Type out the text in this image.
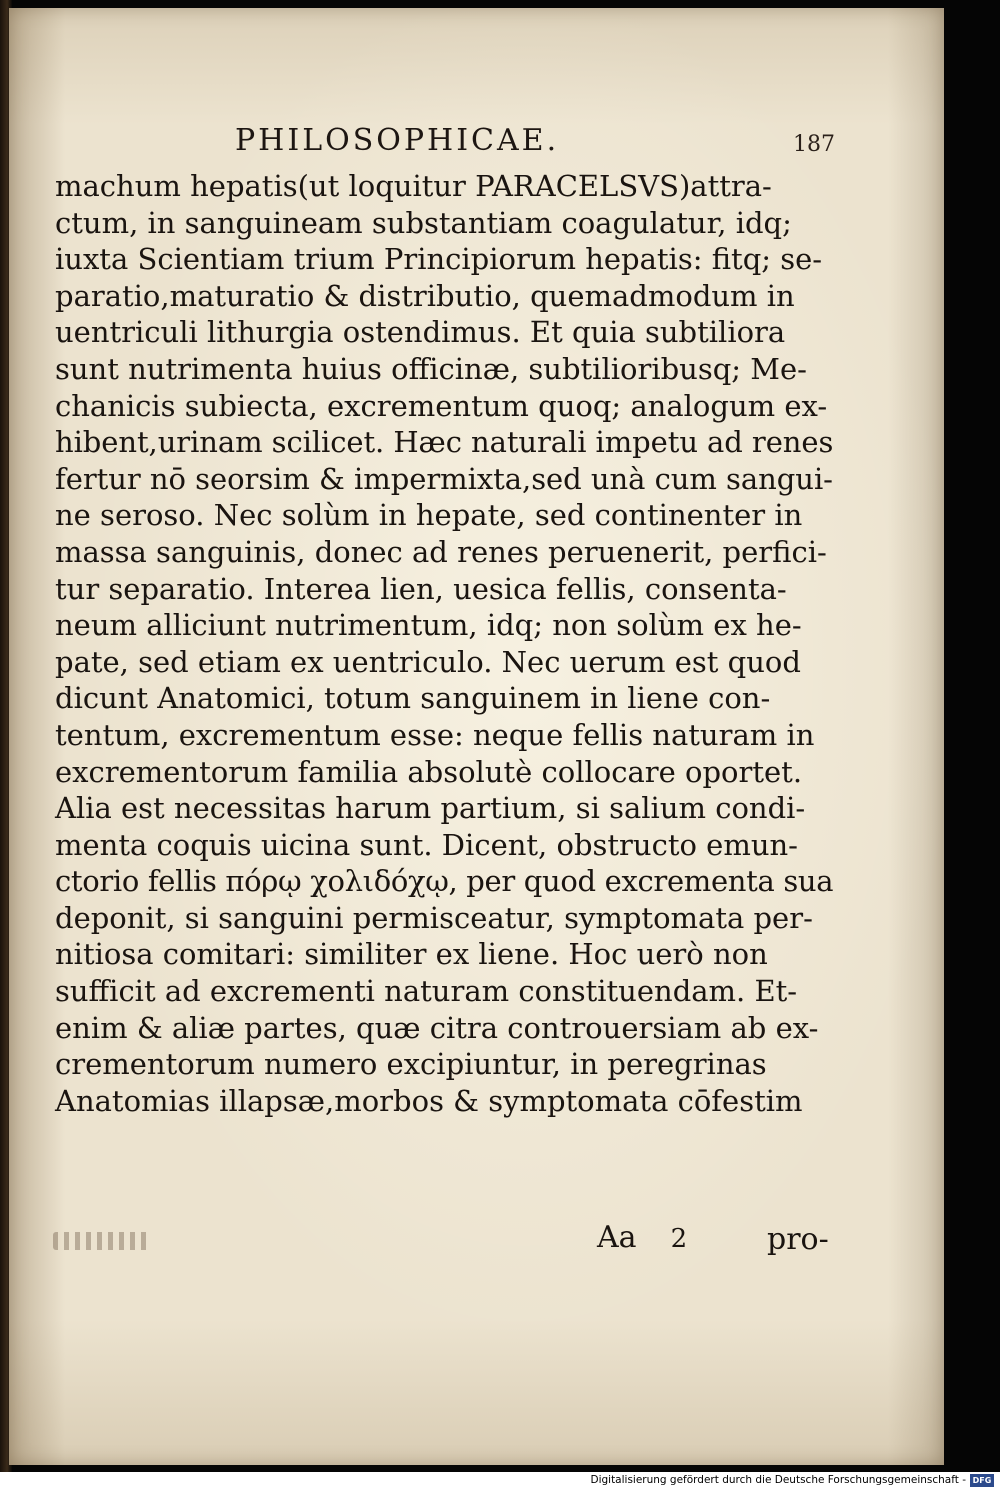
PHILOSOPHICAE.	187
machum hepatis(ut loquitur PARACELSVS)attra-
ctum, in sanguineam substantiam coagulatur, idq;
iuxta Scientiam trium Principiorum hepatis: fitq; se-
paratio,maturatio & distributio, quemadmodum in
uentriculi lithurgia ostendimus. Et quia subtiliora
sunt nutrimenta huius officinæ, subtilioribusq; Me-
chanicis subiecta, excrementum quoq; analogum ex-
hibent,urinam scilicet. Hæc naturali impetu ad renes
fertur nō seorsim & impermixta,sed unà cum sangui-
ne seroso. Nec solùm in hepate, sed continenter in
massa sanguinis, donec ad renes peruenerit, perfici-
tur separatio. Interea lien, uesica fellis, consenta-
neum alliciunt nutrimentum, idq; non solùm ex he-
pate, sed etiam ex uentriculo. Nec uerum est quod
dicunt Anatomici, totum sanguinem in liene con-
tentum, excrementum esse: neque fellis naturam in
excrementorum familia absolutè collocare oportet.
Alia est necessitas harum partium, si salium condi-
menta coquis uicina sunt. Dicent, obstructo emun-
ctorio fellis πόρῳ χολιδόχῳ, per quod excrementa sua
deponit, si sanguini permisceatur, symptomata per-
nitiosa comitari: similiter ex liene. Hoc uerò non
sufficit ad excrementi naturam constituendam. Et-
enim & aliæ partes, quæ citra controuersiam ab ex-
crementorum numero excipiuntur, in peregrinas
Anatomias illapsæ,morbos & symptomata cōfestim
Aa 2	pro-
Digitalisierung gefördert durch die Deutsche Forschungsgemeinschaft - DFG
